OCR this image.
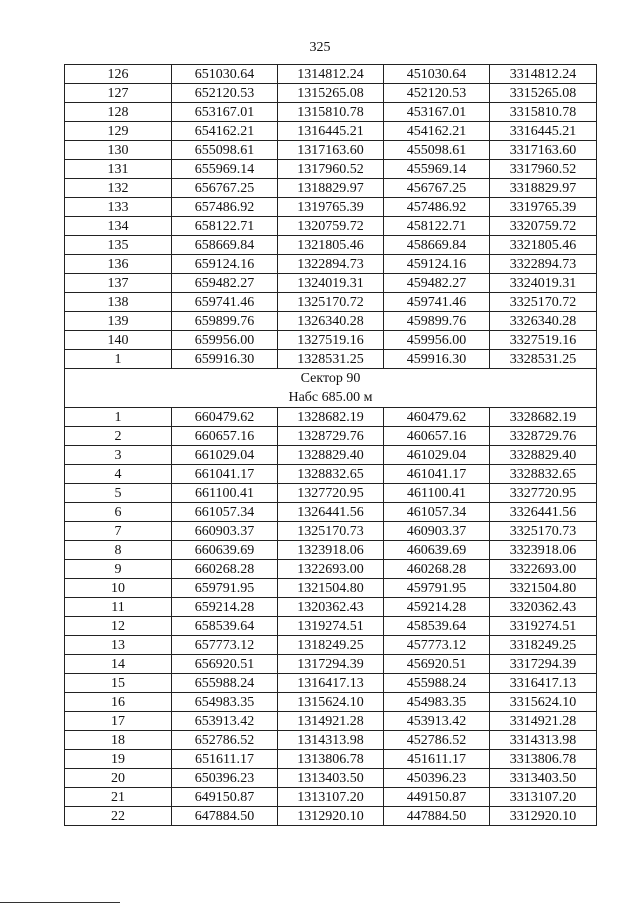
325
126	651030.64	1314812.24	451030.64	3314812.24
127	652120.53	1315265.08	452120.53	3315265.08
128	653167.01	1315810.78	453167.01	3315810.78
129	654162.21	1316445.21	454162.21	3316445.21
130	655098.61	1317163.60	455098.61	3317163.60
131	655969.14	1317960.52	455969.14	3317960.52
132	656767.25	1318829.97	456767.25	3318829.97
133	657486.92	1319765.39	457486.92	3319765.39
134	658122.71	1320759.72	458122.71	3320759.72
135	658669.84	1321805.46	458669.84	3321805.46
136	659124.16	1322894.73	459124.16	3322894.73
137	659482.27	1324019.31	459482.27	3324019.31
138	659741.46	1325170.72	459741.46	3325170.72
139	659899.76	1326340.28	459899.76	3326340.28
140	659956.00	1327519.16	459956.00	3327519.16
1	659916.30	1328531.25	459916.30	3328531.25

Сектор 90
Набс 685.00 м				

1	660479.62	1328682.19	460479.62	3328682.19
2	660657.16	1328729.76	460657.16	3328729.76
3	661029.04	1328829.40	461029.04	3328829.40
4	661041.17	1328832.65	461041.17	3328832.65
5	661100.41	1327720.95	461100.41	3327720.95
6	661057.34	1326441.56	461057.34	3326441.56
7	660903.37	1325170.73	460903.37	3325170.73
8	660639.69	1323918.06	460639.69	3323918.06
9	660268.28	1322693.00	460268.28	3322693.00
10	659791.95	1321504.80	459791.95	3321504.80
11	659214.28	1320362.43	459214.28	3320362.43
12	658539.64	1319274.51	458539.64	3319274.51
13	657773.12	1318249.25	457773.12	3318249.25
14	656920.51	1317294.39	456920.51	3317294.39
15	655988.24	1316417.13	455988.24	3316417.13
16	654983.35	1315624.10	454983.35	3315624.10
17	653913.42	1314921.28	453913.42	3314921.28
18	652786.52	1314313.98	452786.52	3314313.98
19	651611.17	1313806.78	451611.17	3313806.78
20	650396.23	1313403.50	450396.23	3313403.50
21	649150.87	1313107.20	449150.87	3313107.20
22	647884.50	1312920.10	447884.50	3312920.10
